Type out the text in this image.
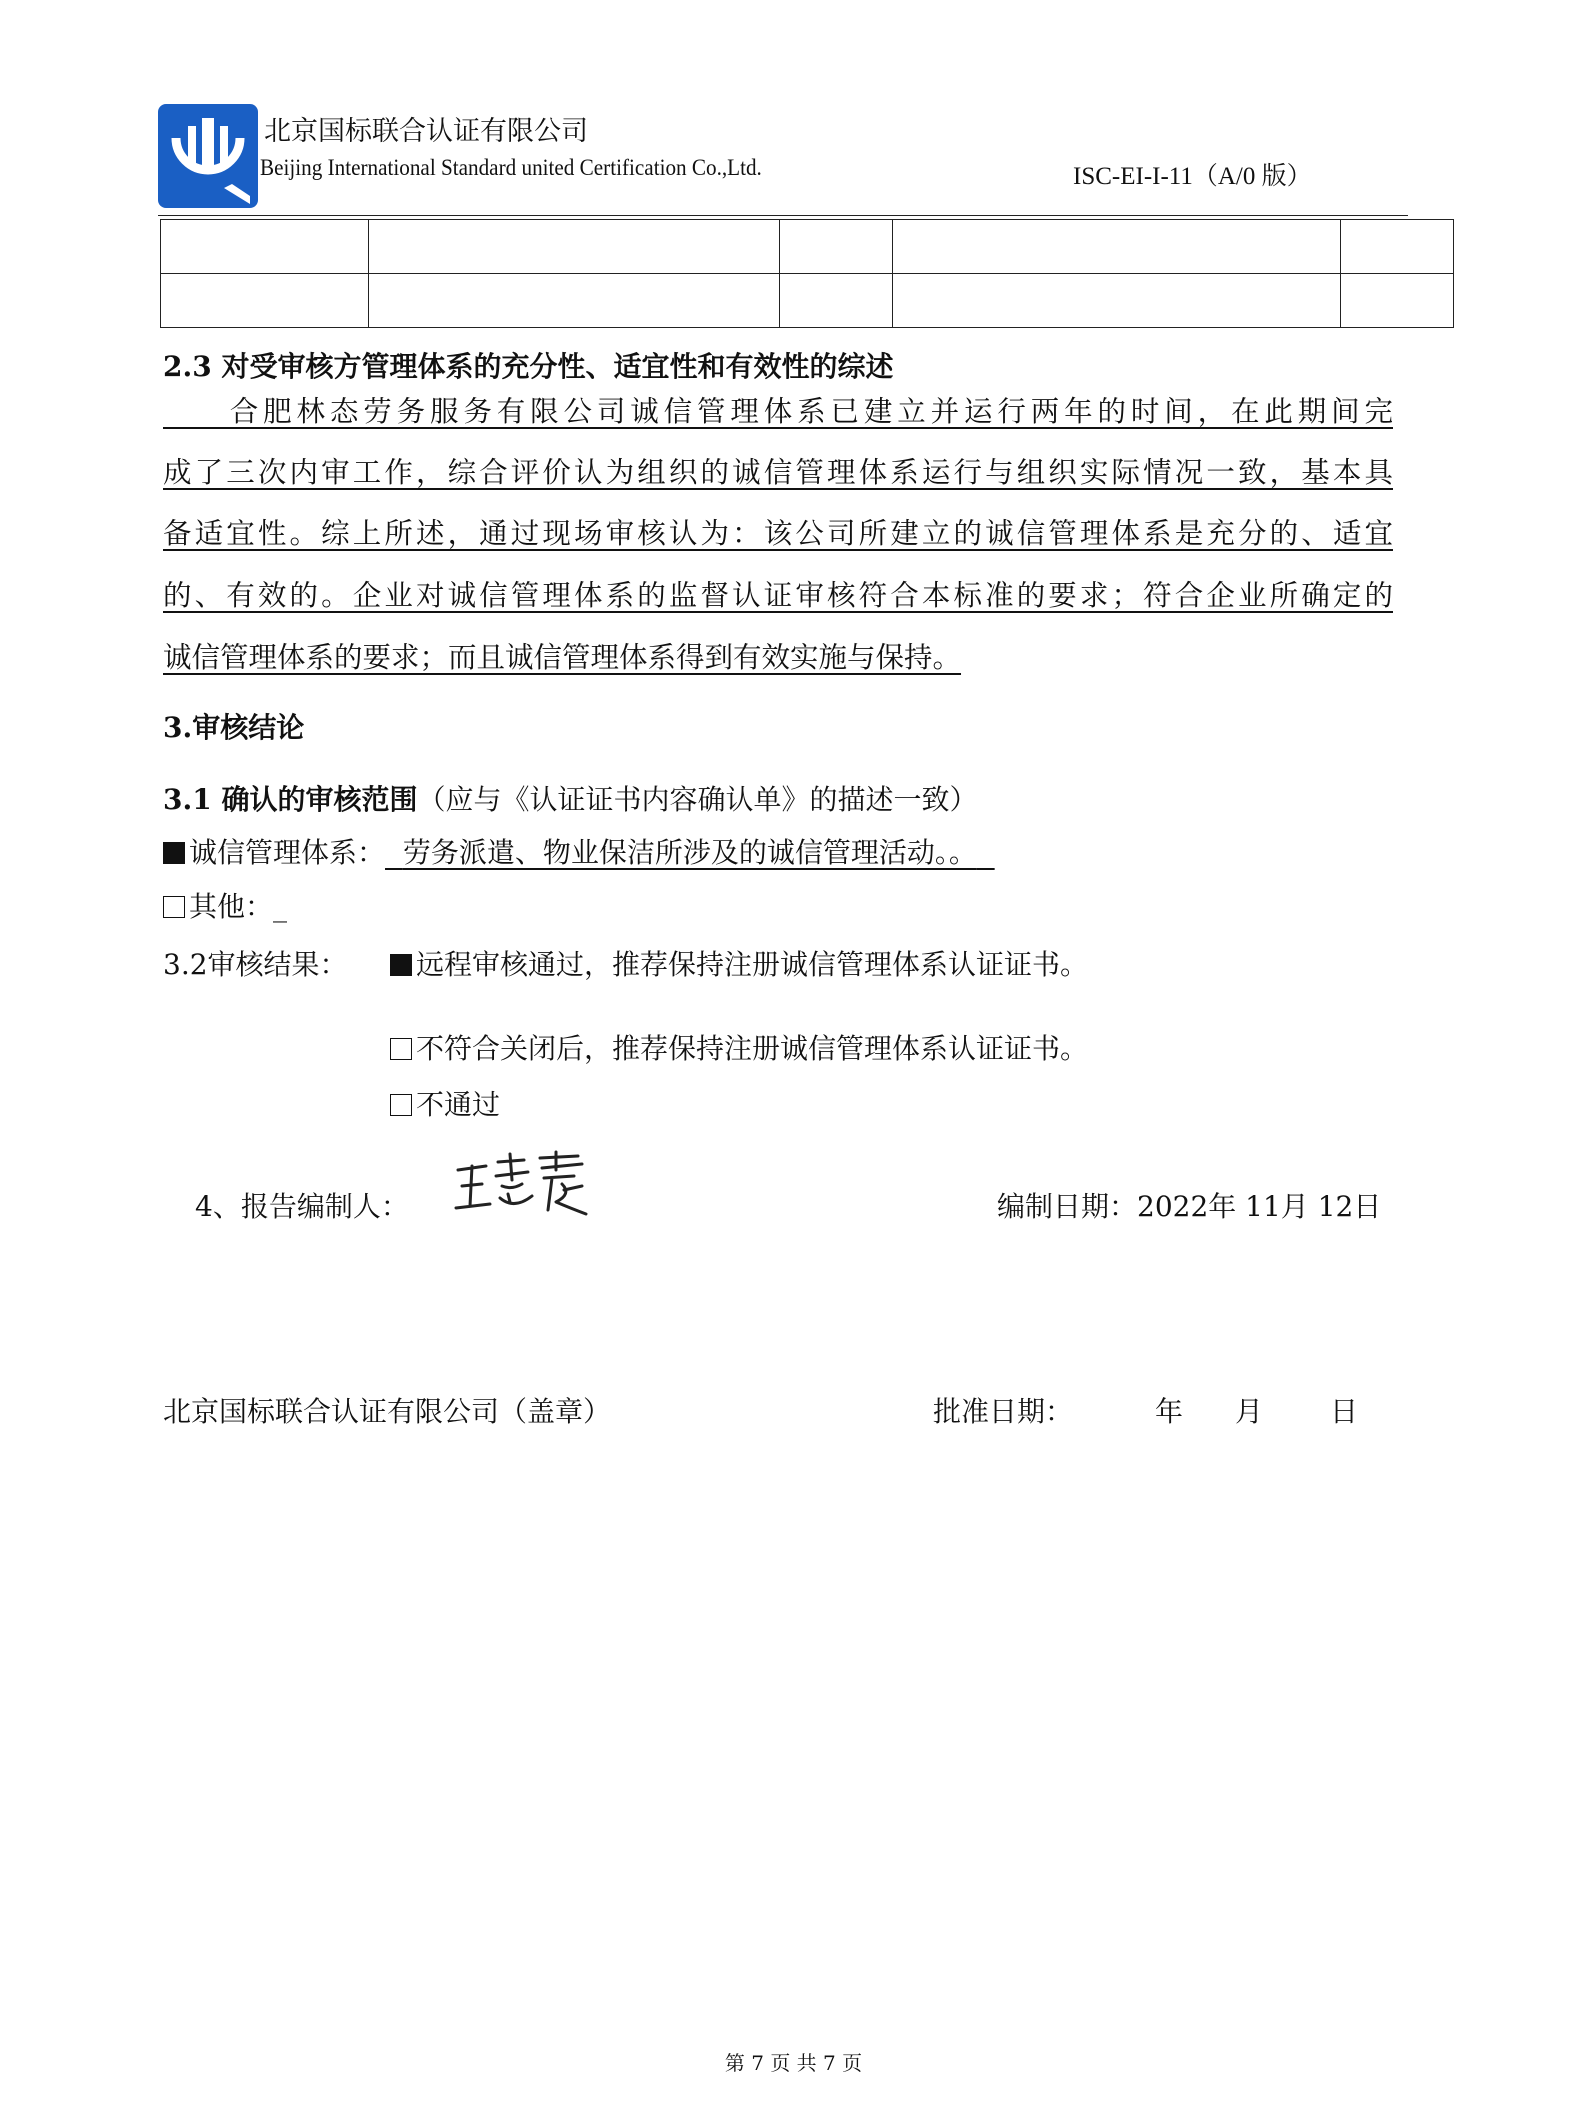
北京国标联合认证有限公司
Beijing International Standard united Certification Co.,Ltd.	ISC-EI-I-11（A/0 版）

2.3 对受审核方管理体系的充分性、适宜性和有效性的综述
　　合肥林态劳务服务有限公司诚信管理体系已建立并运行两年的时间，在此期间完
成了三次内审工作，综合评价认为组织的诚信管理体系运行与组织实际情况一致，基本具
备适宜性。综上所述，通过现场审核认为：该公司所建立的诚信管理体系是充分的、适宜
的、有效的。企业对诚信管理体系的监督认证审核符合本标准的要求；符合企业所确定的
诚信管理体系的要求；而且诚信管理体系得到有效实施与保持。
3.审核结论
3.1 确认的审核范围（应与《认证证书内容确认单》的描述一致）
诚信管理体系： 劳务派遣、物业保洁所涉及的诚信管理活动。。
其他：_
3.2审核结果：	远程审核通过，推荐保持注册诚信管理体系认证证书。
不符合关闭后，推荐保持注册诚信管理体系认证证书。
不通过
4、报告编制人：	编制日期：2022年 11月 12日
北京国标联合认证有限公司（盖章）	批准日期：	年 月 日
第 7 页 共 7 页
